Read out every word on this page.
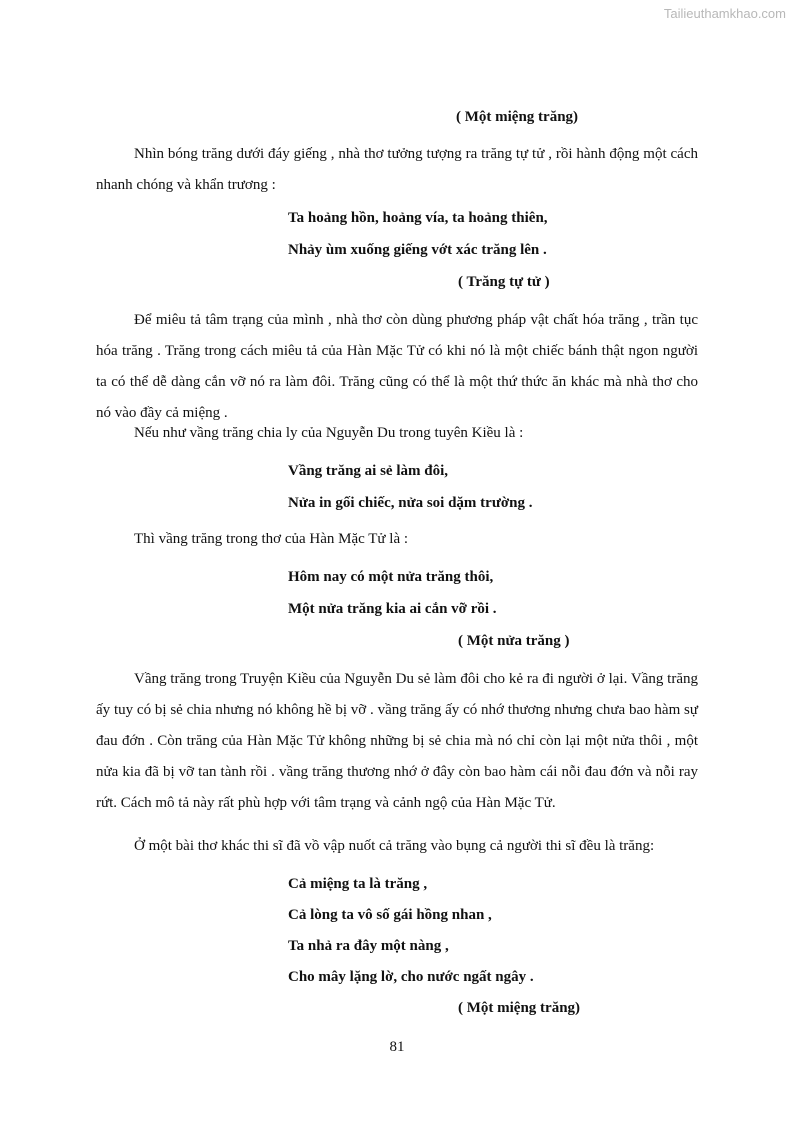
Tailieuthamkhao.com
( Một miệng trăng)

Nhìn bóng trăng dưới đáy giếng , nhà thơ tưởng tượng ra trăng tự tử , rồi hành động một cách nhanh chóng và khẩn trương :

Ta hoảng hồn, hoảng vía, ta hoảng thiên,
Nhảy ùm xuống giếng vớt xác trăng lên .
( Trăng tự tử )

Để miêu tả tâm trạng của mình , nhà thơ còn dùng phương pháp vật chất hóa trăng , trần tục hóa trăng . Trăng trong cách miêu tả của Hàn Mặc Tử có khi nó là một chiếc bánh thật ngon người ta có thể dễ dàng cắn vỡ nó ra làm đôi. Trăng cũng có thể là một thứ thức ăn khác mà nhà thơ cho nó vào đầy cả miệng .

Nếu như vầng trăng chia ly của Nguyễn Du trong tuyên Kiều là :

Vầng trăng ai sẻ làm đôi,
Nửa in gối chiếc, nửa soi dặm trường .

Thì vầng trăng trong thơ của Hàn Mặc Tử là :

Hôm nay có một nửa trăng thôi,
Một nửa trăng kia ai cắn vỡ rồi .
( Một nửa trăng )

Vầng trăng trong Truyện Kiều của Nguyễn Du sẻ làm đôi cho kẻ ra đi người ở lại. Vầng trăng ấy tuy có bị sẻ chia nhưng nó không hề bị vỡ . vầng trăng ấy có nhớ thương nhưng chưa bao hàm sự đau đớn . Còn trăng của Hàn Mặc Tử không những bị sẻ chia mà nó chỉ còn lại một nửa thôi , một nửa kia đã bị vỡ tan tành rồi . vầng trăng thương nhớ ở đây còn bao hàm cái nỗi đau đớn và nỗi ray rứt. Cách mô tả này rất phù hợp với tâm trạng và cảnh ngộ của Hàn Mặc Tử.

Ở một bài thơ khác thi sĩ đã vồ vập nuốt cả trăng vào bụng cả người thi sĩ đều là trăng:

Cả miệng ta là trăng ,
Cả lòng ta vô số gái hồng nhan ,
Ta nhả ra đây một nàng ,
Cho mây lặng lờ, cho nước ngất ngây .
( Một miệng trăng)
81
